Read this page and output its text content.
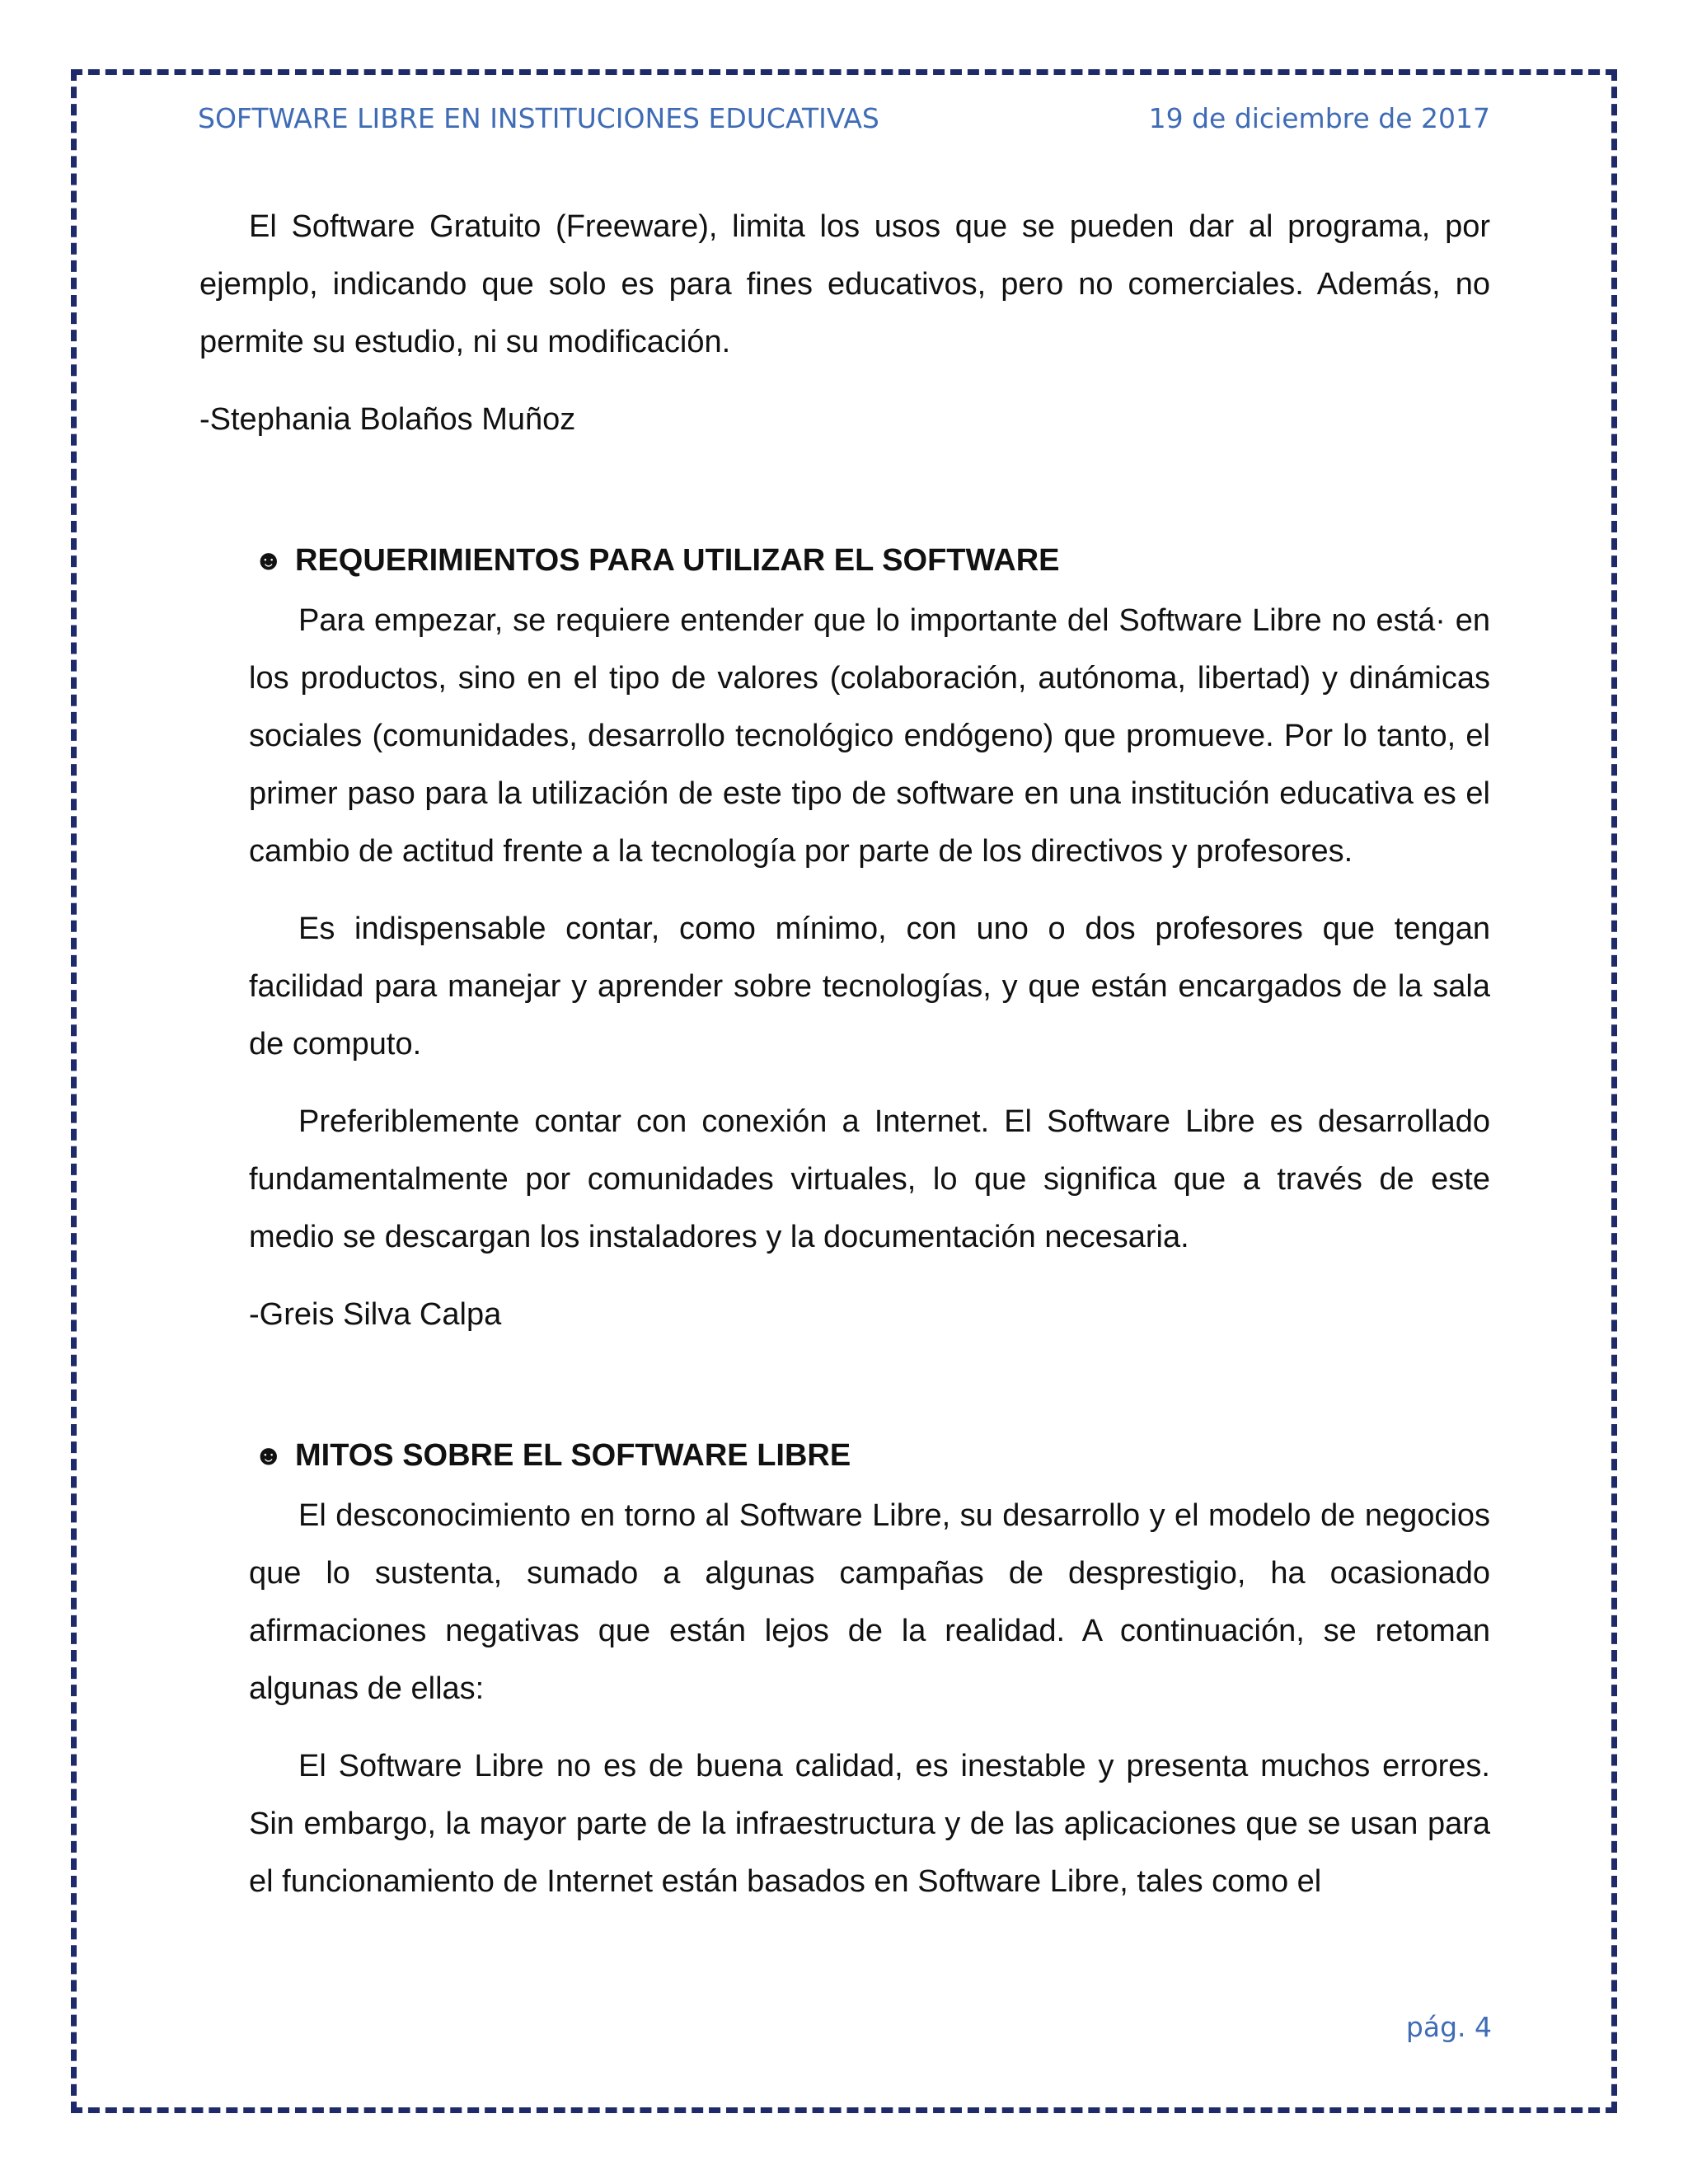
SOFTWARE LIBRE EN INSTITUCIONES EDUCATIVAS	19 de diciembre de 2017

El Software Gratuito (Freeware), limita los usos que se pueden dar al programa, por ejemplo, indicando que solo es para fines educativos, pero no comerciales. Además, no permite su estudio, ni su modificación.

-Stephania Bolaños Muñoz

☻ REQUERIMIENTOS PARA UTILIZAR EL SOFTWARE

Para empezar, se requiere entender que lo importante del Software Libre no está· en los productos, sino en el tipo de valores (colaboración, autónoma, libertad) y dinámicas sociales (comunidades, desarrollo tecnológico endógeno) que promueve. Por lo tanto, el primer paso para la utilización de este tipo de software en una institución educativa es el cambio de actitud frente a la tecnología por parte de los directivos y profesores.

Es indispensable contar, como mínimo, con uno o dos profesores que tengan facilidad para manejar y aprender sobre tecnologías, y que están encargados de la sala de computo.

Preferiblemente contar con conexión a Internet. El Software Libre es desarrollado fundamentalmente por comunidades virtuales, lo que significa que a través de este medio se descargan los instaladores y la documentación necesaria.

-Greis Silva Calpa

☻ MITOS SOBRE EL SOFTWARE LIBRE

El desconocimiento en torno al Software Libre, su desarrollo y el modelo de negocios que lo sustenta, sumado a algunas campañas de desprestigio, ha ocasionado afirmaciones negativas que están lejos de la realidad. A continuación, se retoman algunas de ellas:

El Software Libre no es de buena calidad, es inestable y presenta muchos errores. Sin embargo, la mayor parte de la infraestructura y de las aplicaciones que se usan para el funcionamiento de Internet están basados en Software Libre, tales como el

pág. 4
